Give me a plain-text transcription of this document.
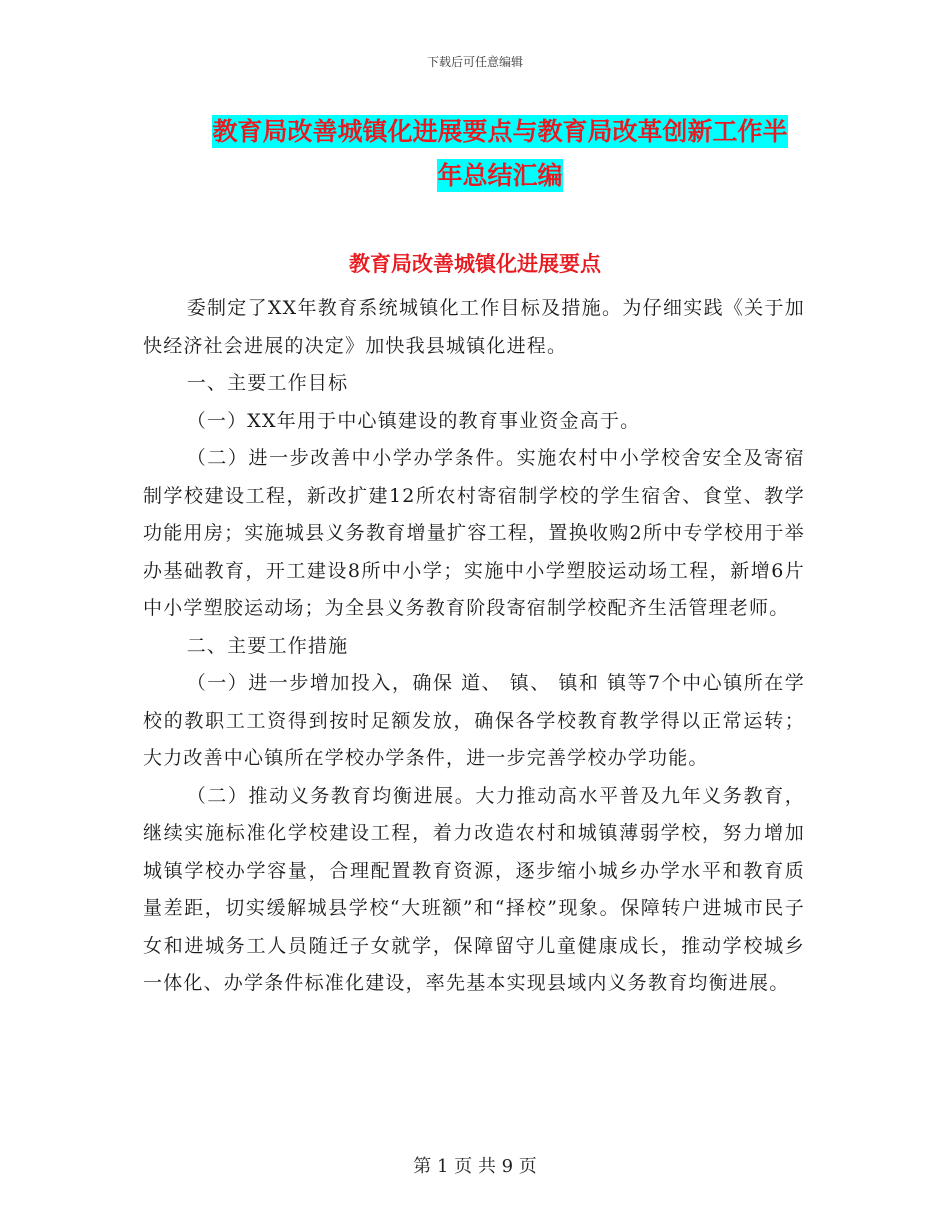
下载后可任意编辑
教育局改善城镇化进展要点与教育局改革创新工作半
年总结汇编
教育局改善城镇化进展要点

委制定了XX年教育系统城镇化工作目标及措施。为仔细实践《关于加快经济社会进展的决定》加快我县城镇化进程。

一、主要工作目标

（一）XX年用于中心镇建设的教育事业资金高于。

（二）进一步改善中小学办学条件。实施农村中小学校舍安全及寄宿制学校建设工程，新改扩建12所农村寄宿制学校的学生宿舍、食堂、教学功能用房；实施城县义务教育增量扩容工程，置换收购2所中专学校用于举办基础教育，开工建设8所中小学；实施中小学塑胶运动场工程，新增6片中小学塑胶运动场；为全县义务教育阶段寄宿制学校配齐生活管理老师。

二、主要工作措施

（一）进一步增加投入，确保 道、 镇、 镇和 镇等7个中心镇所在学校的教职工工资得到按时足额发放，确保各学校教育教学得以正常运转；大力改善中心镇所在学校办学条件，进一步完善学校办学功能。

（二）推动义务教育均衡进展。大力推动高水平普及九年义务教育，继续实施标准化学校建设工程，着力改造农村和城镇薄弱学校，努力增加城镇学校办学容量，合理配置教育资源，逐步缩小城乡办学水平和教育质量差距，切实缓解城县学校“大班额”和“择校”现象。保障转户进城市民子女和进城务工人员随迁子女就学，保障留守儿童健康成长，推动学校城乡一体化、办学条件标准化建设，率先基本实现县域内义务教育均衡进展。

第 1 页 共 9 页
